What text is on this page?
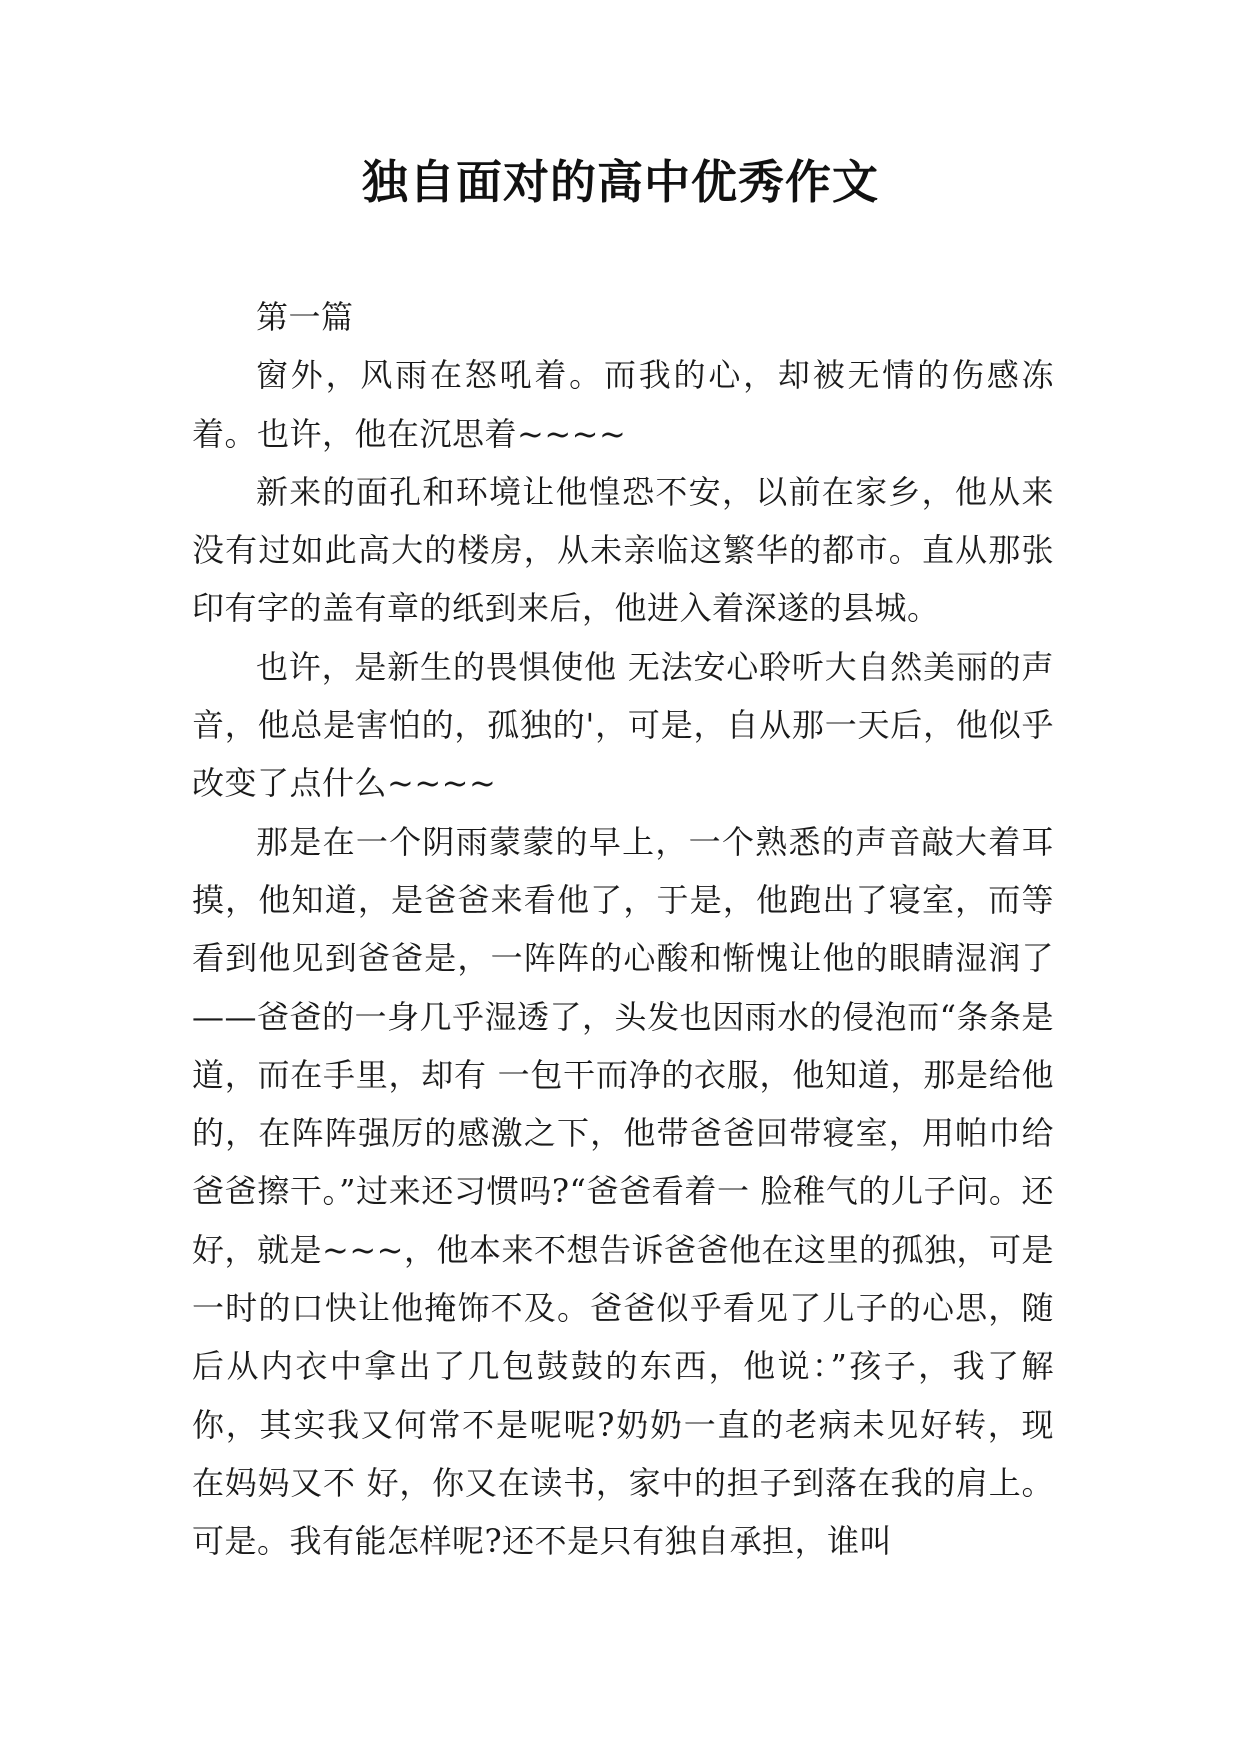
独自面对的高中优秀作文

第一篇

窗外，风雨在怒吼着。而我的心，却被无情的伤感冻着。也许，他在沉思着~~~~

新来的面孔和环境让他惶恐不安，以前在家乡，他从来没有过如此高大的楼房，从未亲临这繁华的都市。直从那张印有字的盖有章的纸到来后，他进入着深遂的县城。

也许，是新生的畏惧使他 无法安心聆听大自然美丽的声音，他总是害怕的，孤独的'，可是，自从那一天后，他似乎改变了点什么~~~~

那是在一个阴雨蒙蒙的早上，一个熟悉的声音敲大着耳摸，他知道，是爸爸来看他了，于是，他跑出了寝室，而等看到他见到爸爸是，一阵阵的心酸和惭愧让他的眼睛湿润了——爸爸的一身几乎湿透了，头发也因雨水的侵泡而“条条是道，而在手里，却有 一包干而净的衣服，他知道，那是给他的，在阵阵强厉的感激之下，他带爸爸回带寝室，用帕巾给爸爸擦干。”过来还习惯吗?“爸爸看着一 脸稚气的儿子问。还好，就是~~~，他本来不想告诉爸爸他在这里的孤独，可是一时的口快让他掩饰不及。爸爸似乎看见了儿子的心思，随后从内衣中拿出了几包鼓鼓的东西，他说：”孩子，我了解你，其实我又何常不是呢呢?奶奶一直的老病未见好转，现在妈妈又不 好，你又在读书，家中的担子到落在我的肩上。可是。我有能怎样呢?还不是只有独自承担，谁叫
